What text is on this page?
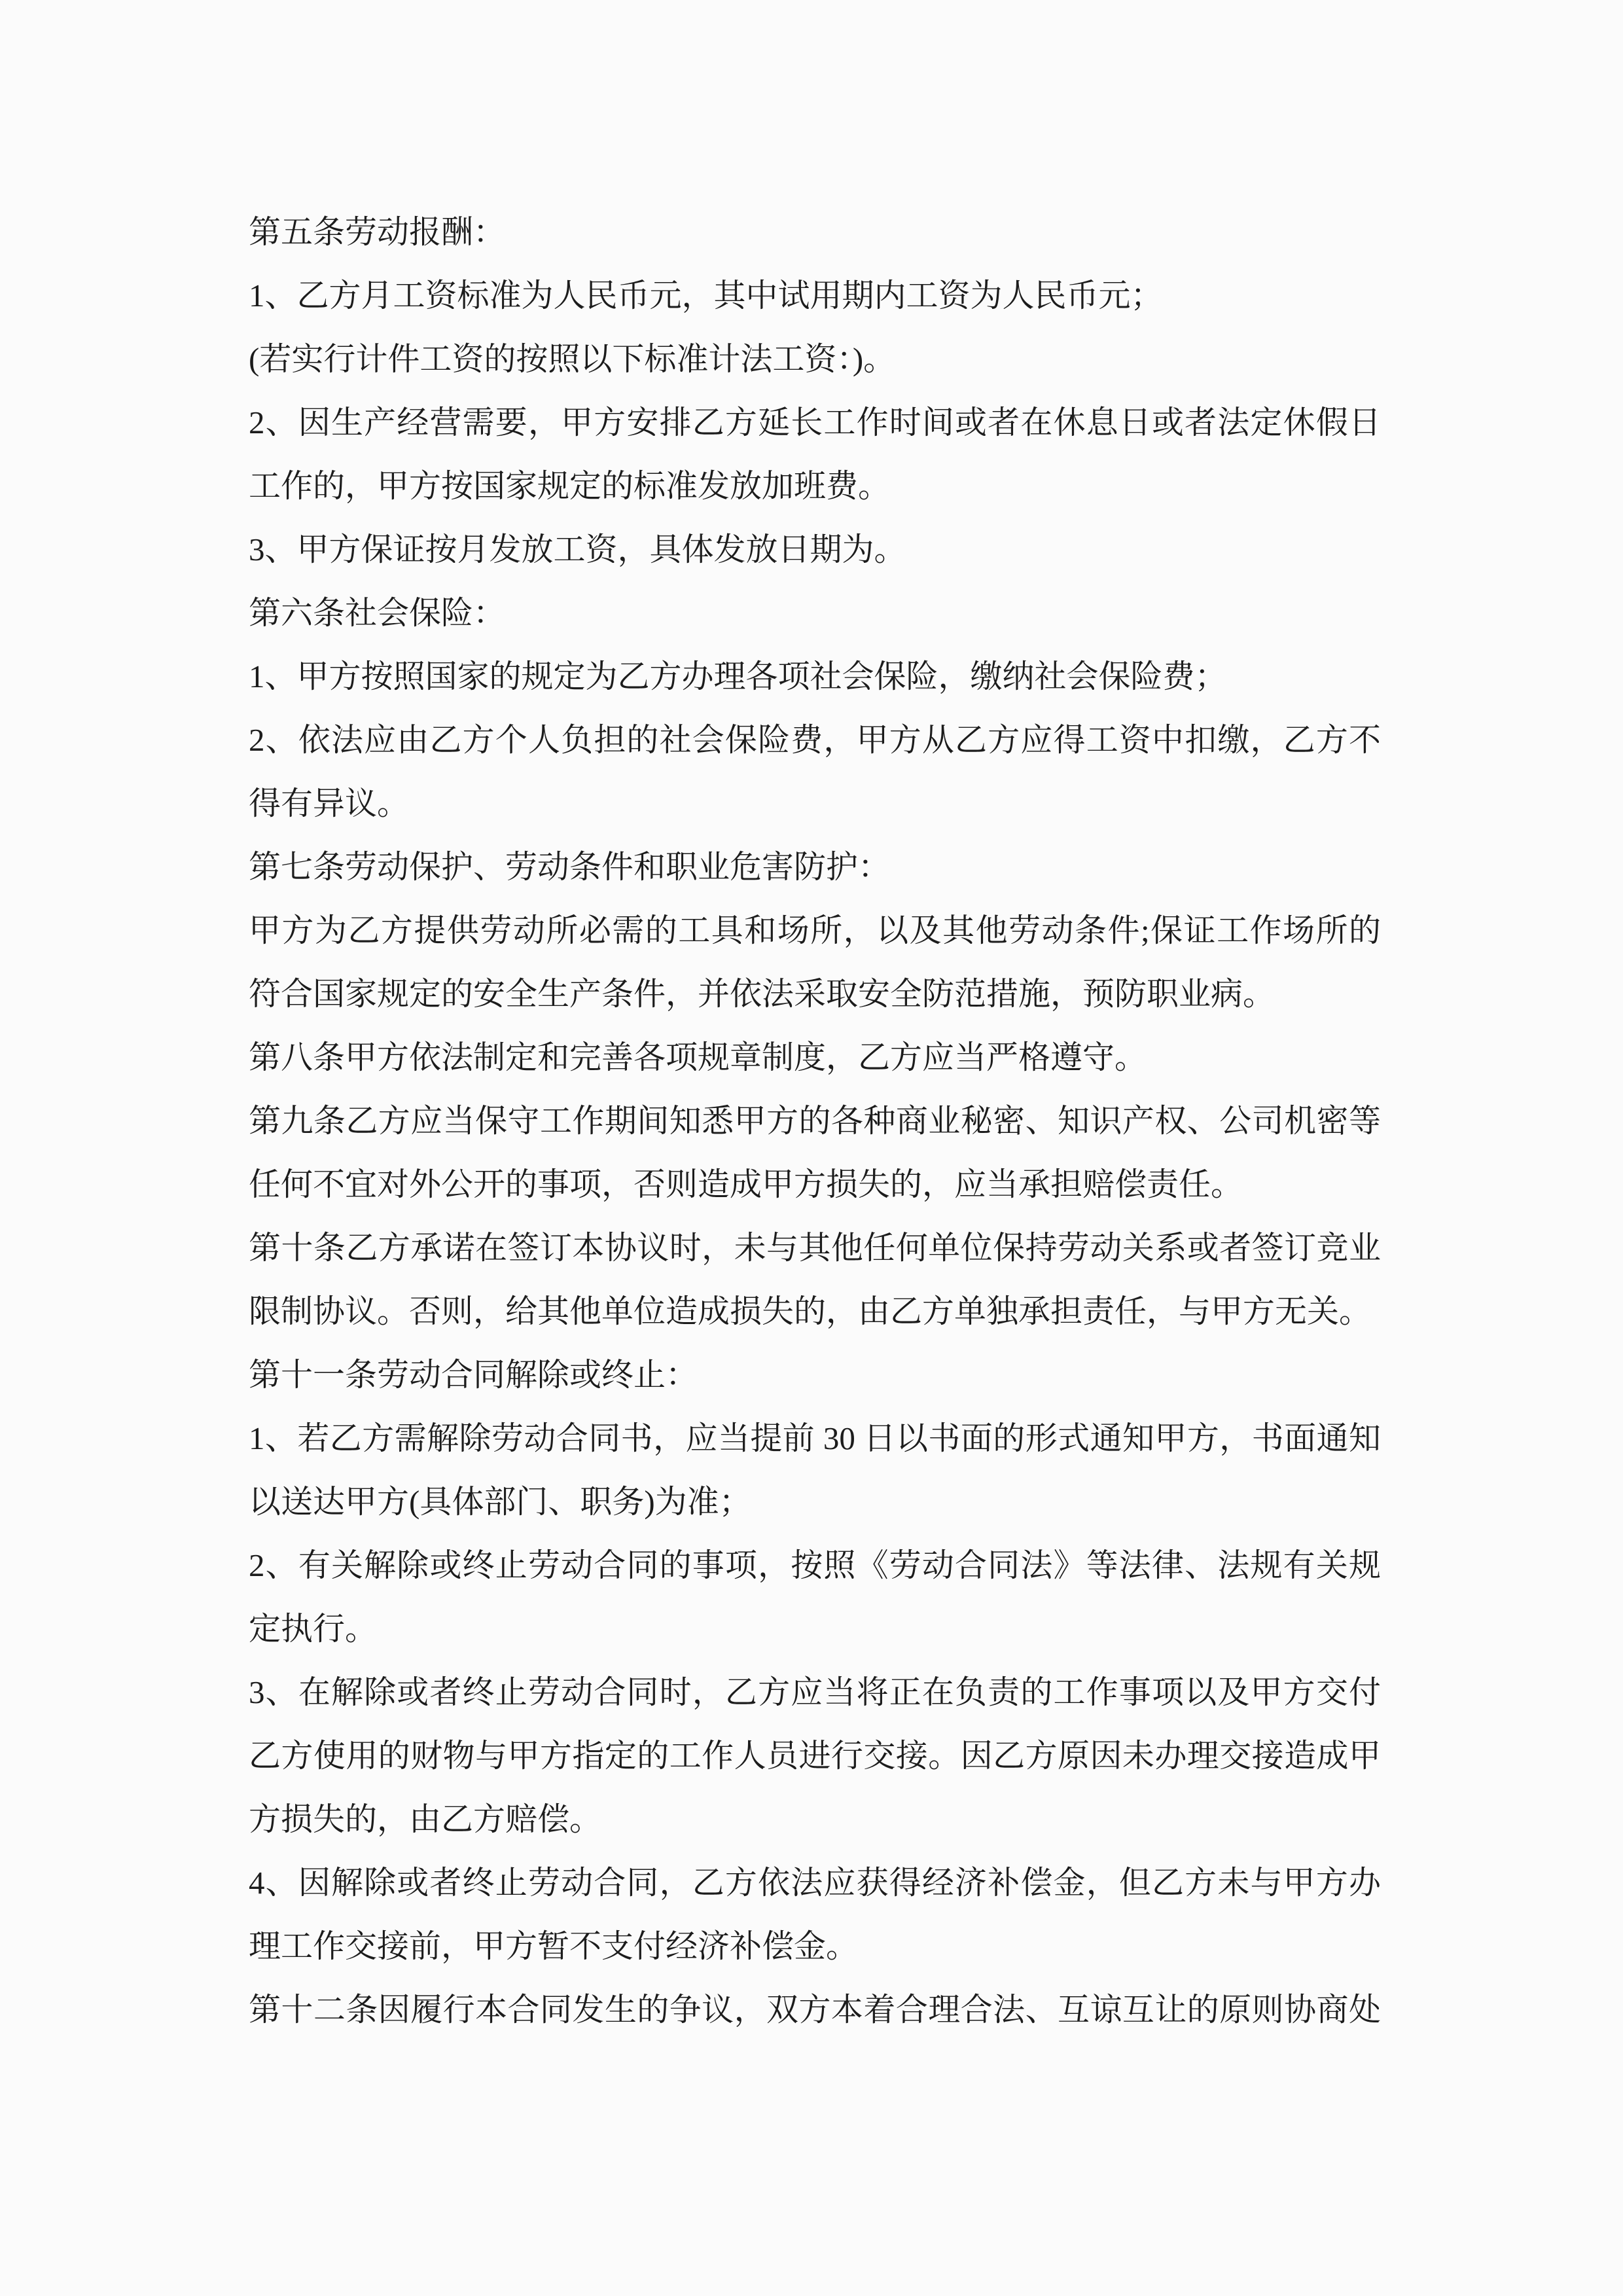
第五条劳动报酬：
1、乙方月工资标准为人民币元，其中试用期内工资为人民币元；
(若实行计件工资的按照以下标准计法工资：)。
2、因生产经营需要，甲方安排乙方延长工作时间或者在休息日或者法定休假日
工作的，甲方按国家规定的标准发放加班费。
3、甲方保证按月发放工资，具体发放日期为。
第六条社会保险：
1、甲方按照国家的规定为乙方办理各项社会保险，缴纳社会保险费；
2、依法应由乙方个人负担的社会保险费，甲方从乙方应得工资中扣缴，乙方不
得有异议。
第七条劳动保护、劳动条件和职业危害防护：
甲方为乙方提供劳动所必需的工具和场所，以及其他劳动条件;保证工作场所的
符合国家规定的安全生产条件，并依法采取安全防范措施，预防职业病。
第八条甲方依法制定和完善各项规章制度，乙方应当严格遵守。
第九条乙方应当保守工作期间知悉甲方的各种商业秘密、知识产权、公司机密等
任何不宜对外公开的事项，否则造成甲方损失的，应当承担赔偿责任。
第十条乙方承诺在签订本协议时，未与其他任何单位保持劳动关系或者签订竞业
限制协议。否则，给其他单位造成损失的，由乙方单独承担责任，与甲方无关。
第十一条劳动合同解除或终止：
1、若乙方需解除劳动合同书，应当提前 30 日以书面的形式通知甲方，书面通知
以送达甲方(具体部门、职务)为准；
2、有关解除或终止劳动合同的事项，按照《劳动合同法》等法律、法规有关规
定执行。
3、在解除或者终止劳动合同时，乙方应当将正在负责的工作事项以及甲方交付
乙方使用的财物与甲方指定的工作人员进行交接。因乙方原因未办理交接造成甲
方损失的，由乙方赔偿。
4、因解除或者终止劳动合同，乙方依法应获得经济补偿金，但乙方未与甲方办
理工作交接前，甲方暂不支付经济补偿金。
第十二条因履行本合同发生的争议，双方本着合理合法、互谅互让的原则协商处
